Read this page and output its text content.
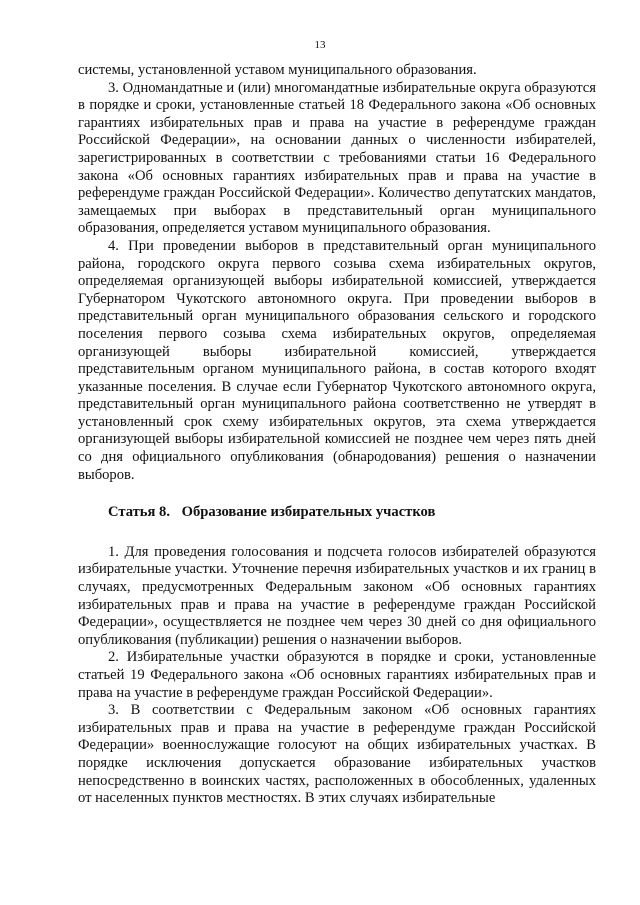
13

системы, установленной уставом муниципального образования.

3. Одномандатные и (или) многомандатные избирательные округа образуются в порядке и сроки, установленные статьей 18 Федерального закона «Об основных гарантиях избирательных прав и права на участие в референдуме граждан Российской Федерации», на основании данных о численности избирателей, зарегистрированных в соответствии с требованиями статьи 16 Федерального закона «Об основных гарантиях избирательных прав и права на участие в референдуме граждан Российской Федерации». Количество депутатских мандатов, замещаемых при выборах в представительный орган муниципального образования, определяется уставом муниципального образования.

4. При проведении выборов в представительный орган муниципального района, городского округа первого созыва схема избирательных округов, определяемая организующей выборы избирательной комиссией, утверждается Губернатором Чукотского автономного округа. При проведении выборов в представительный орган муниципального образования сельского и городского поселения первого созыва схема избирательных округов, определяемая организующей выборы избирательной комиссией, утверждается представительным органом муниципального района, в состав которого входят указанные поселения. В случае если Губернатор Чукотского автономного округа, представительный орган муниципального района соответственно не утвердят в установленный срок схему избирательных округов, эта схема утверждается организующей выборы избирательной комиссией не позднее чем через пять дней со дня официального опубликования (обнародования) решения о назначении выборов.

Статья 8. Образование избирательных участков

1. Для проведения голосования и подсчета голосов избирателей образуются избирательные участки. Уточнение перечня избирательных участков и их границ в случаях, предусмотренных Федеральным законом «Об основных гарантиях избирательных прав и права на участие в референдуме граждан Российской Федерации», осуществляется не позднее чем через 30 дней со дня официального опубликования (публикации) решения о назначении выборов.

2. Избирательные участки образуются в порядке и сроки, установленные статьей 19 Федерального закона «Об основных гарантиях избирательных прав и права на участие в референдуме граждан Российской Федерации».

3. В соответствии с Федеральным законом «Об основных гарантиях избирательных прав и права на участие в референдуме граждан Российской Федерации» военнослужащие голосуют на общих избирательных участках. В порядке исключения допускается образование избирательных участков непосредственно в воинских частях, расположенных в обособленных, удаленных от населенных пунктов местностях. В этих случаях избирательные
